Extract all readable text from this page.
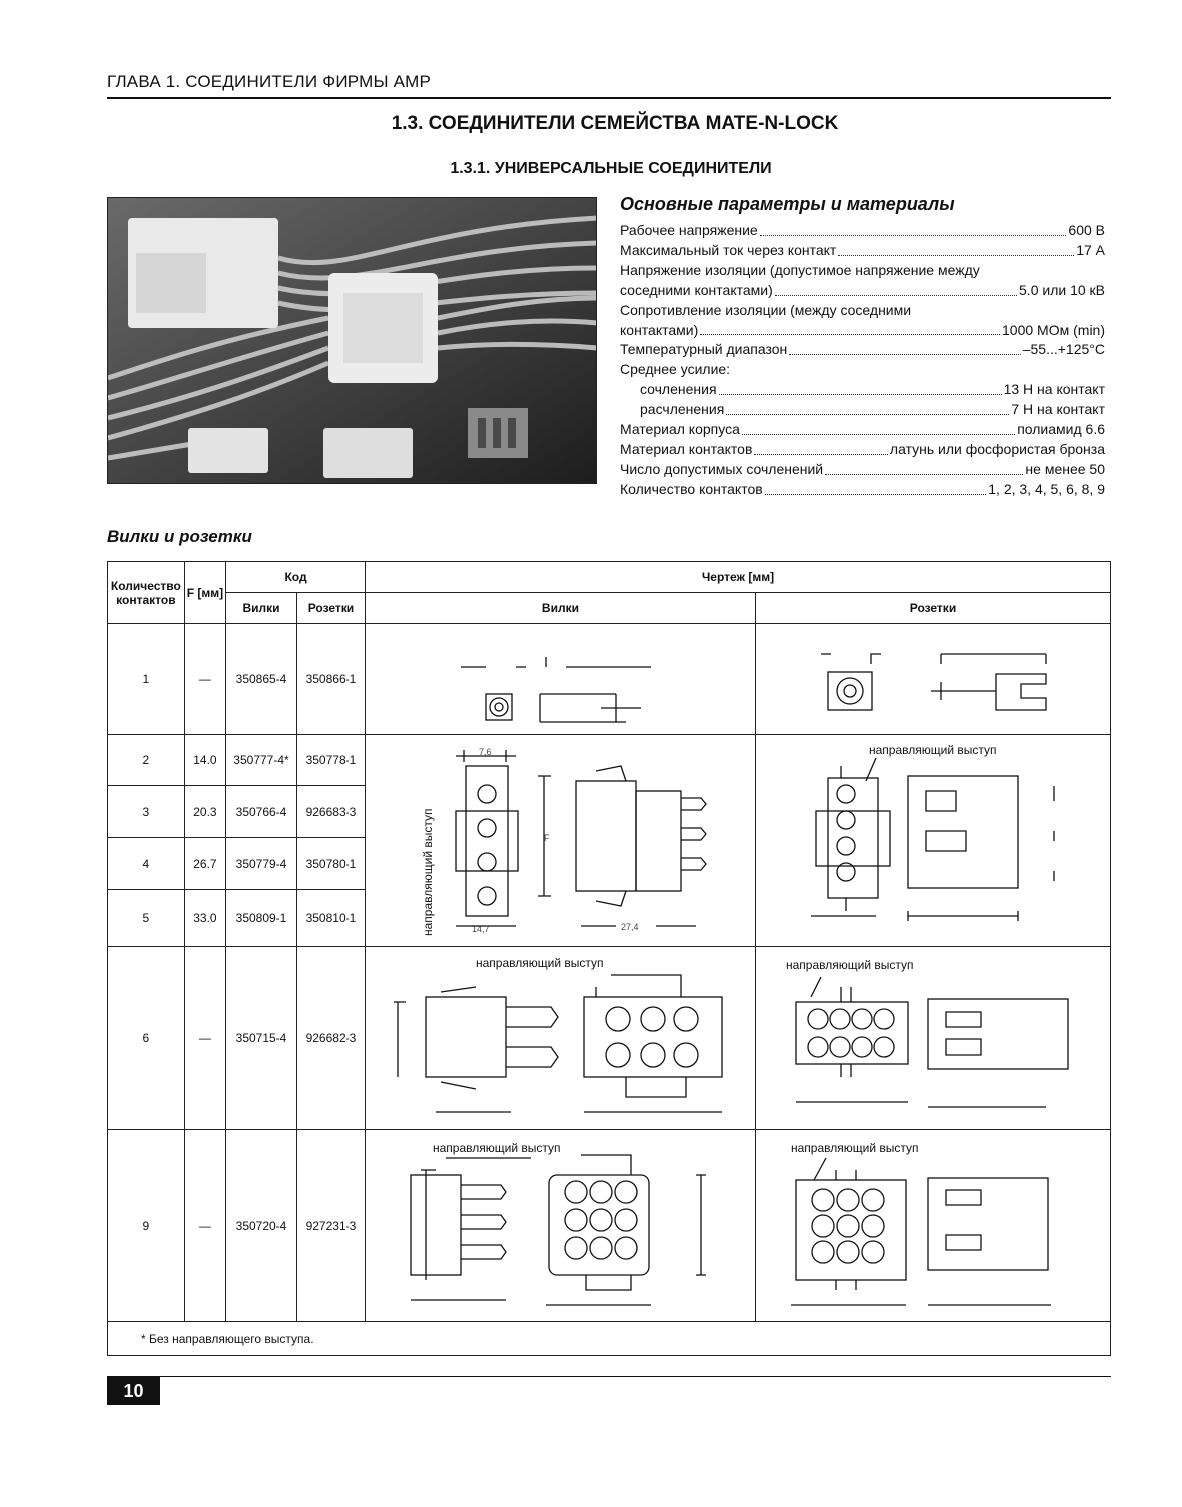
ГЛАВА 1. СОЕДИНИТЕЛИ ФИРМЫ AMP
1.3. СОЕДИНИТЕЛИ СЕМЕЙСТВА MATE-N-LOCK
1.3.1. УНИВЕРСАЛЬНЫЕ СОЕДИНИТЕЛИ
Основные параметры и материалы
Рабочее напряжение	600 В
Максимальный ток через контакт	17 А
Напряжение изоляции (допустимое напряжение между
соседними контактами)	5.0 или 10 кВ
Сопротивление изоляции (между соседними
контактами)	1000 МОм (min)
Температурный диапазон	–55...+125°С
Среднее усилие:
сочленения	13 Н на контакт
расчленения	7 Н на контакт
Материал корпуса	полиамид 6.6
Материал контактов	латунь или фосфористая бронза
Число допустимых сочленений	не менее 50
Количество контактов	1, 2, 3, 4, 5, 6, 8, 9
Вилки и розетки
Количество контактов	F [мм]	Код		Чертеж [мм]	
		Вилки	Розетки	Вилки	Розетки
1	—	350865-4	350866-1	

2	14.0	350777-4*	350778-1	7,6
14,7 27,4
F
направляющий выступ	направляющий выступ

3	20.3	350766-4	926683-3		
4	26.7	350779-4	350780-1		
5	33.0	350809-1	350810-1		
6	—	350715-4	926682-3	направляющий выступ	направляющий выступ

9	—	350720-4	927231-3	направляющий выступ	направляющий выступ

* Без направляющего выступа.					
10
